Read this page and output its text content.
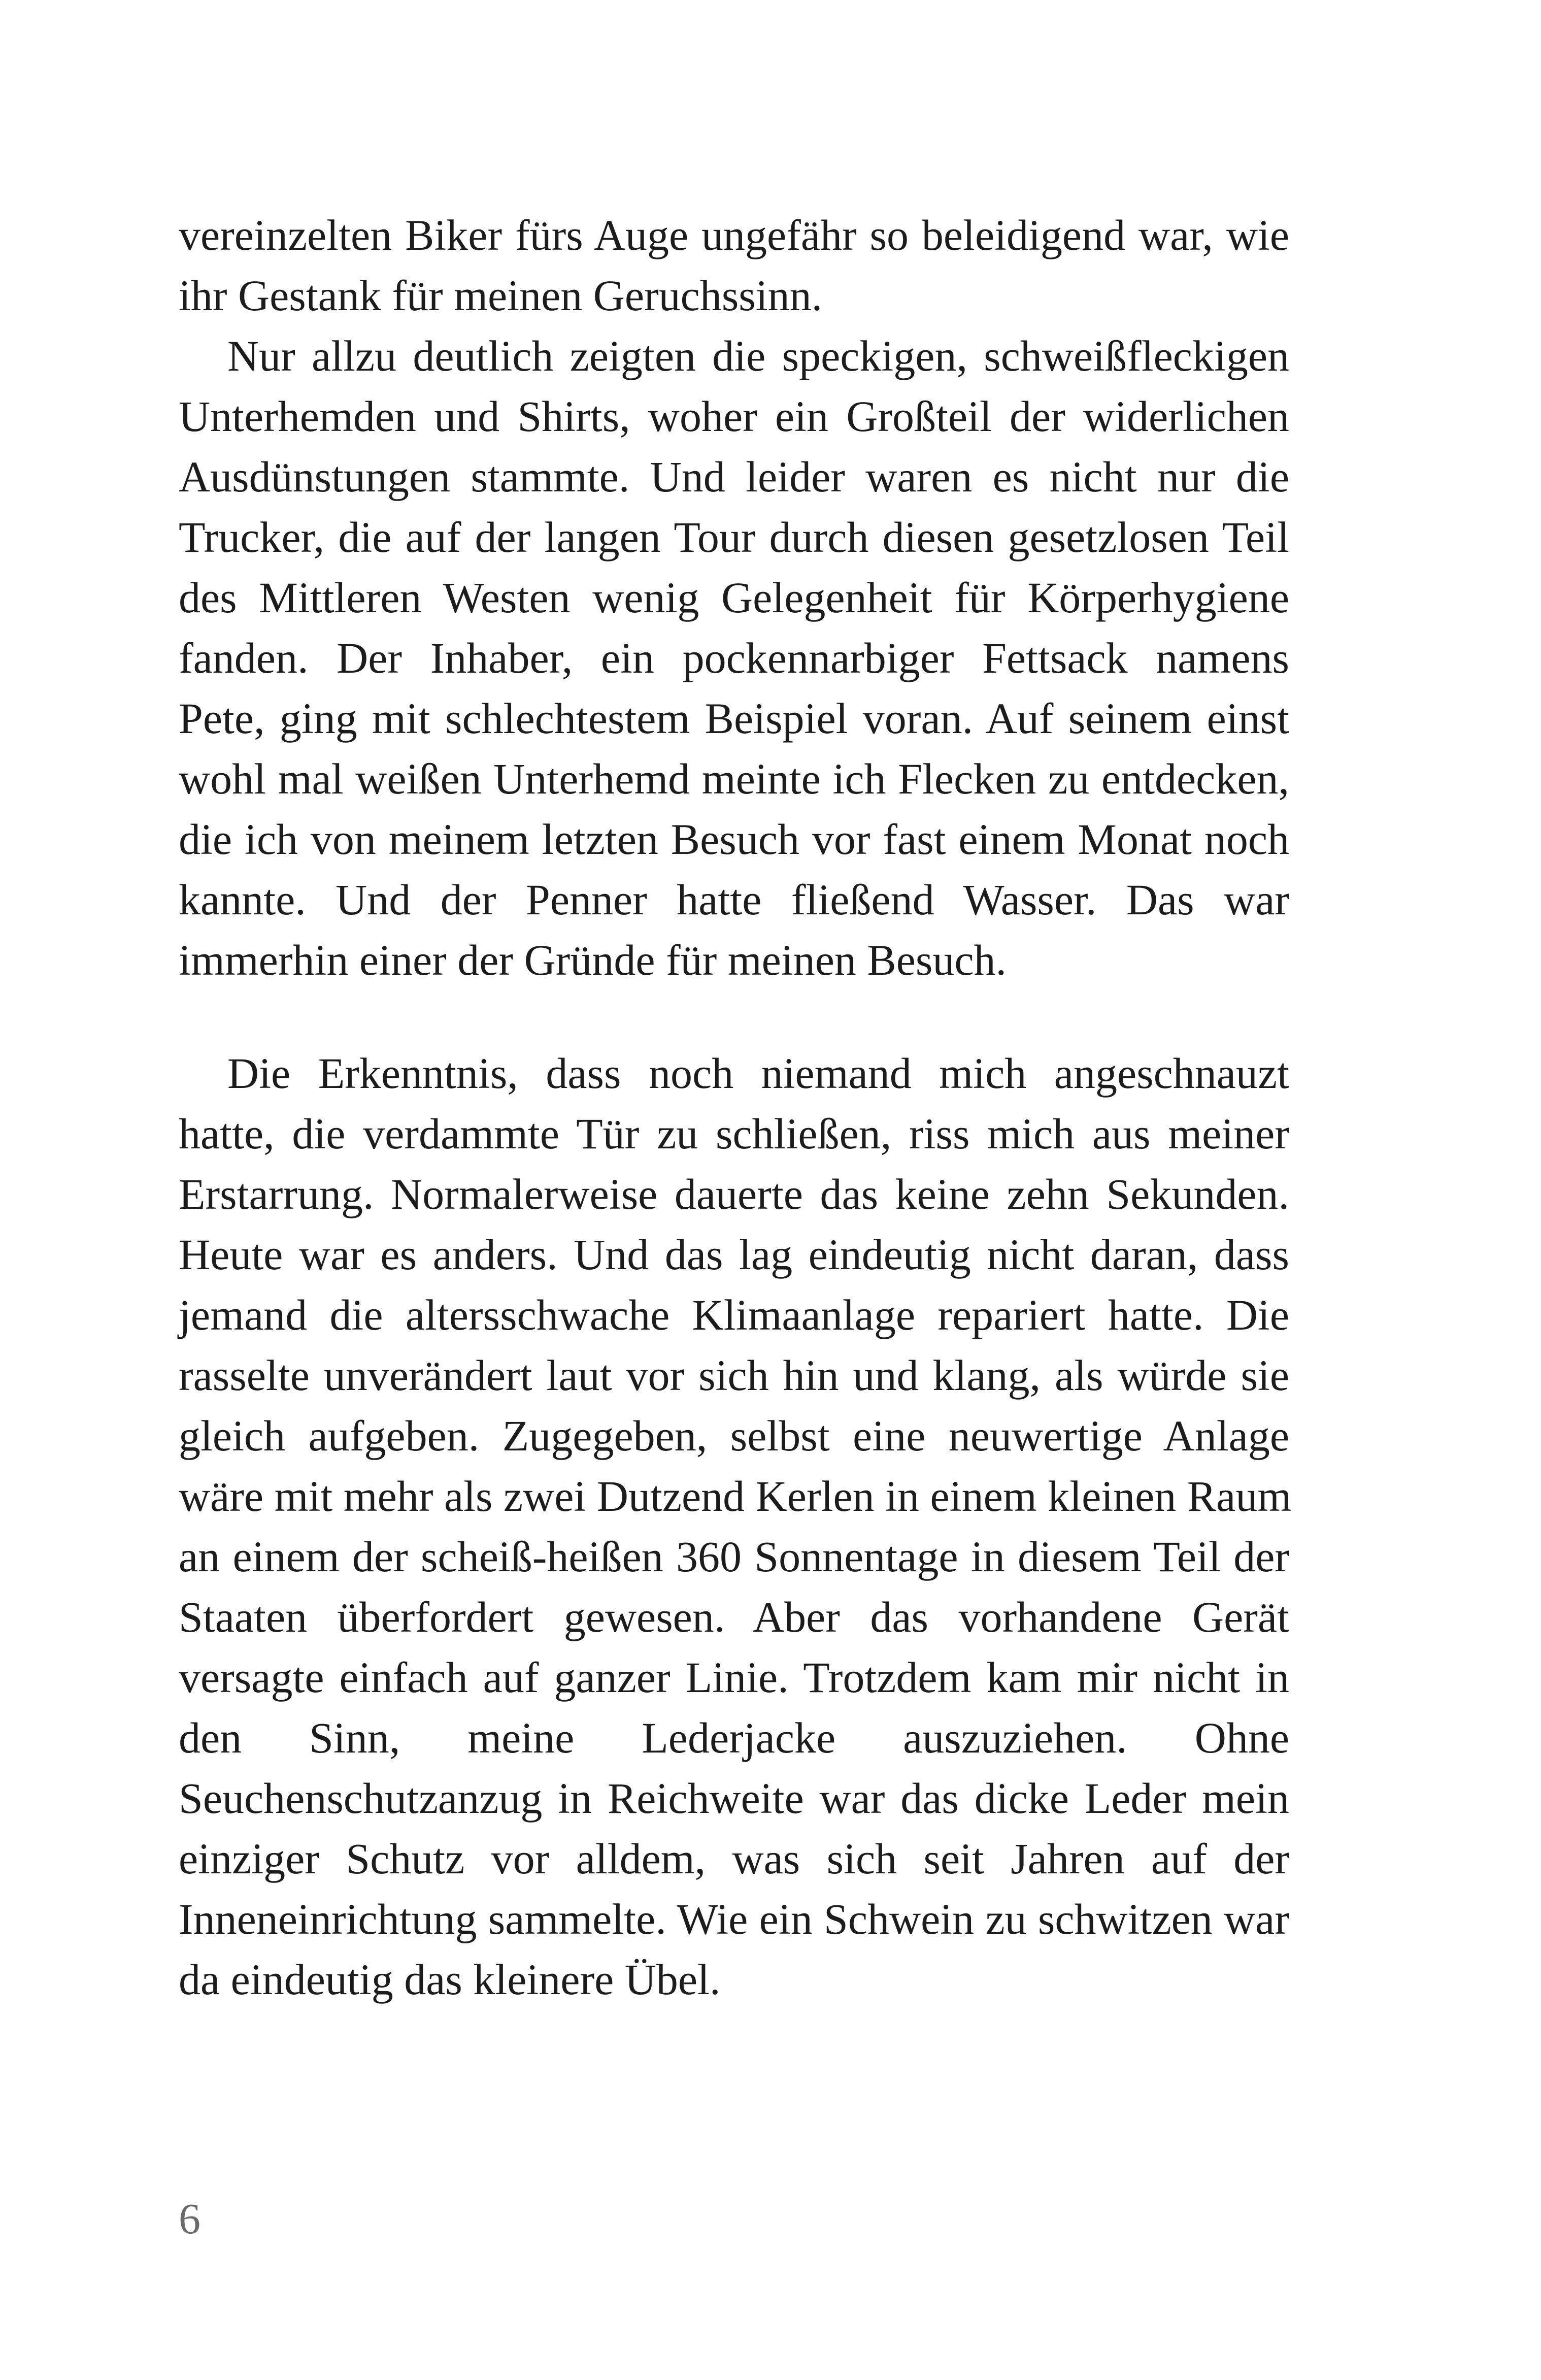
vereinzelten Biker fürs Auge ungefähr so beleidigend war, wie
ihr Gestank für meinen Geruchssinn.
Nur allzu deutlich zeigten die speckigen, schweißfleckigen
Unterhemden und Shirts, woher ein Großteil der widerlichen
Ausdünstungen stammte. Und leider waren es nicht nur die
Trucker, die auf der langen Tour durch diesen gesetzlosen Teil
des Mittleren Westen wenig Gelegenheit für Körperhygiene
fanden. Der Inhaber, ein pockennarbiger Fettsack namens
Pete, ging mit schlechtestem Beispiel voran. Auf seinem einst
wohl mal weißen Unterhemd meinte ich Flecken zu entdecken,
die ich von meinem letzten Besuch vor fast einem Monat noch
kannte. Und der Penner hatte fließend Wasser. Das war
immerhin einer der Gründe für meinen Besuch.
Die Erkenntnis, dass noch niemand mich angeschnauzt
hatte, die verdammte Tür zu schließen, riss mich aus meiner
Erstarrung. Normalerweise dauerte das keine zehn Sekunden.
Heute war es anders. Und das lag eindeutig nicht daran, dass
jemand die altersschwache Klimaanlage repariert hatte. Die
rasselte unverändert laut vor sich hin und klang, als würde sie
gleich aufgeben. Zugegeben, selbst eine neuwertige Anlage
wäre mit mehr als zwei Dutzend Kerlen in einem kleinen Raum
an einem der scheiß-heißen 360 Sonnentage in diesem Teil der
Staaten überfordert gewesen. Aber das vorhandene Gerät
versagte einfach auf ganzer Linie. Trotzdem kam mir nicht in
den Sinn, meine Lederjacke auszuziehen. Ohne
Seuchenschutzanzug in Reichweite war das dicke Leder mein
einziger Schutz vor alldem, was sich seit Jahren auf der
Inneneinrichtung sammelte. Wie ein Schwein zu schwitzen war
da eindeutig das kleinere Übel.
6
